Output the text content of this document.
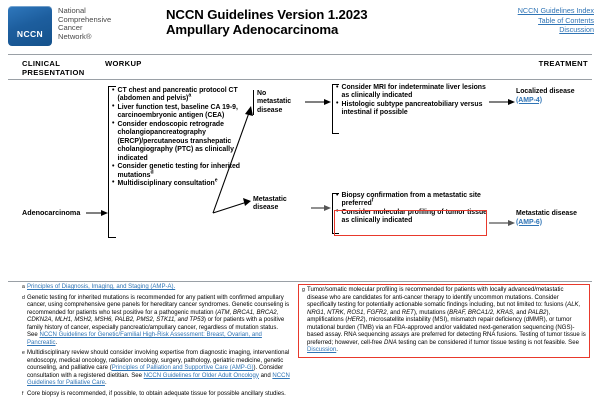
NCCN
National
Comprehensive
Cancer
Network®
NCCN Guidelines Version 1.2023
Ampullary Adenocarcinoma
NCCN Guidelines Index
Table of Contents
Discussion
CLINICAL
PRESENTATION
WORKUP	TREATMENT
Adenocarcinoma
• CT chest and pancreatic protocol CT (abdomen and pelvis)$^a$
• Liver function test, baseline CA 19-9, carcinoembryonic antigen (CEA)
• Consider endoscopic retrograde cholangiopancreatography (ERCP)/percutaneous transhepatic cholangiography (PTC) as clinically indicated
• Consider genetic testing for inherited mutations$^d$
• Multidisciplinary consultation$^e$
No metastatic disease
Metastatic disease
• Consider MRI for indeterminate liver lesions as clinically indicated
• Histologic subtype pancreatobiliary versus intestinal if possible
• Biopsy confirmation from a metastatic site preferred$^f$
• Consider molecular profiling of tumor tissue as clinically indicated
Localized disease
(AMP-4)
Metastatic disease
(AMP-6)
a Principles of Diagnosis, Imaging, and Staging (AMP-A).
d Genetic testing for inherited mutations is recommended for any patient with confirmed ampullary cancer, using comprehensive gene panels for hereditary cancer syndromes. Genetic counseling is recommended for patients who test positive for a pathogenic mutation (ATM, BRCA1, BRCA2, CDKN2A, MLH1, MSH2, MSH6, PALB2, PMS2, STK11, and TP53) or for patients with a positive family history of cancer, especially pancreatic/ampullary cancer, regardless of mutation status. See NCCN Guidelines for Genetic/Familial High-Risk Assessment: Breast, Ovarian, and Pancreatic.
e Multidisciplinary review should consider involving expertise from diagnostic imaging, interventional endoscopy, medical oncology, radiation oncology, surgery, pathology, geriatric medicine, genetic counseling, and palliative care (Principles of Palliation and Supportive Care (AMP-G)). Consider consultation with a registered dietitian. See NCCN Guidelines for Older Adult Oncology and NCCN Guidelines for Palliative Care.
f Core biopsy is recommended, if possible, to obtain adequate tissue for possible ancillary studies.
g Tumor/somatic molecular profiling is recommended for patients with locally advanced/metastatic disease who are candidates for anti-cancer therapy to identify uncommon mutations. Consider specifically testing for potentially actionable somatic findings including, but not limited to: fusions (ALK, NRG1, NTRK, ROS1, FGFR2, and RET), mutations (BRAF, BRCA1/2, KRAS, and PALB2), amplifications (HER2), microsatellite instability (MSI), mismatch repair deficiency (dMMR), or tumor mutational burden (TMB) via an FDA-approved and/or validated next-generation sequencing (NGS)-based assay. RNA sequencing assays are preferred for detecting RNA fusions. Testing of tumor tissue is preferred; however, cell-free DNA testing can be considered if tumor tissue testing is not feasible. See Discussion.
